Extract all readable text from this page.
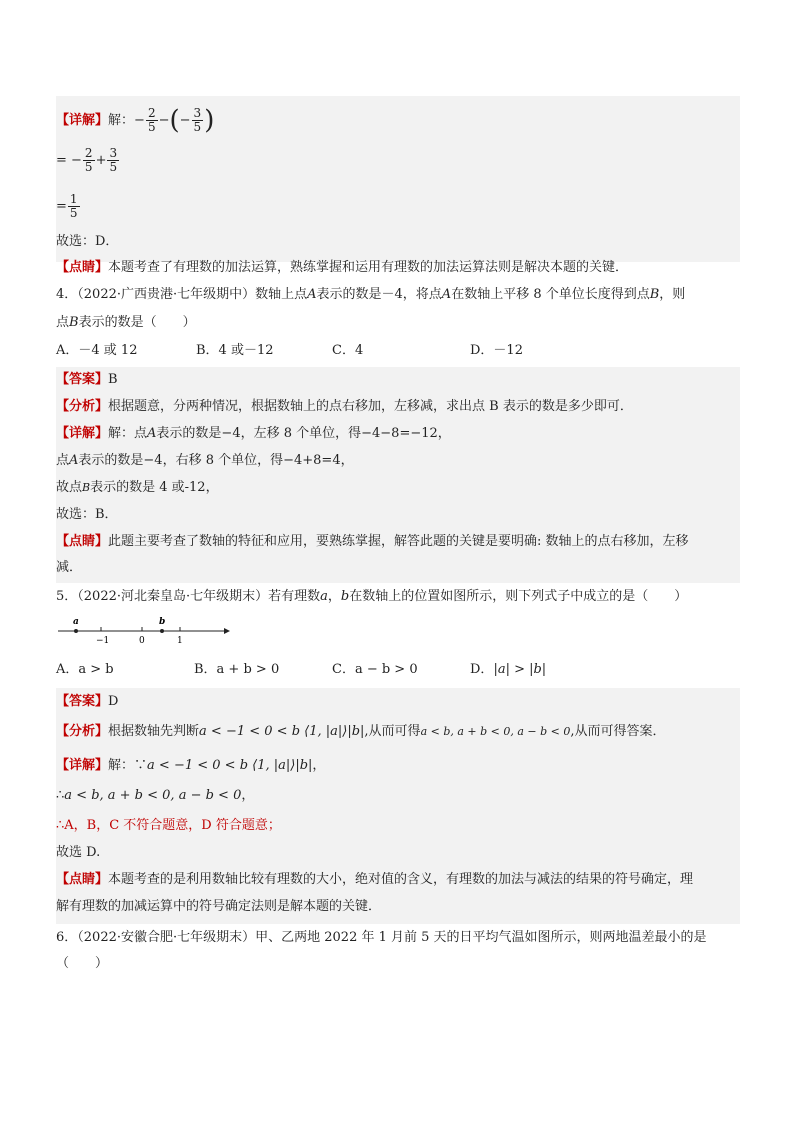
【详解】解：− $\frac{2}{5}$ −(− $\frac{3}{5}$ )
= − $\frac{2}{5} + \frac{3}{5}$
= $\frac{1}{5}$
故选：D．
【点睛】本题考查了有理数的加法运算，熟练掌握和运用有理数的加法运算法则是解决本题的关键．
4．（2022·广西贵港·七年级期中）数轴上点A表示的数是－4，将点A在数轴上平移 8 个单位长度得到点B，则
点B表示的数是（　　）
A．－4 或 12	B．4 或－12	C．4	D．－12
【答案】B
【分析】根据题意，分两种情况，根据数轴上的点右移加，左移减，求出点 B 表示的数是多少即可．
【详解】解：点A表示的数是−4，左移 8 个单位，得−4−8=−12，
点A表示的数是−4，右移 8 个单位，得−4+8=4，
故点B表示的数是 4 或-12，
故选：B．
【点睛】此题主要考查了数轴的特征和应用，要熟练掌握，解答此题的关键是要明确: 数轴上的点右移加，左移
减．
5．（2022·河北秦皇岛·七年级期末）若有理数a，b在数轴上的位置如图所示，则下列式子中成立的是（　　）
a	b
−1	0	1
A．a > b	B．a + b > 0	C．a − b > 0	D．|a| > |b|
【答案】D
【分析】根据数轴先判断a < −1 < 0 < b ⟨1, |a|⟩|b|,从而可得a < b, a + b < 0, a − b < 0,从而可得答案．
【详解】解：∵a < −1 < 0 < b ⟨1, |a|⟩|b|，
∴a < b, a + b < 0, a − b < 0，
∴A，B，C 不符合题意，D 符合题意；
故选 D.
【点睛】本题考查的是利用数轴比较有理数的大小，绝对值的含义，有理数的加法与减法的结果的符号确定，理
解有理数的加减运算中的符号确定法则是解本题的关键．
6．（2022·安徽合肥·七年级期末）甲、乙两地 2022 年 1 月前 5 天的日平均气温如图所示，则两地温差最小的是
（　　）
